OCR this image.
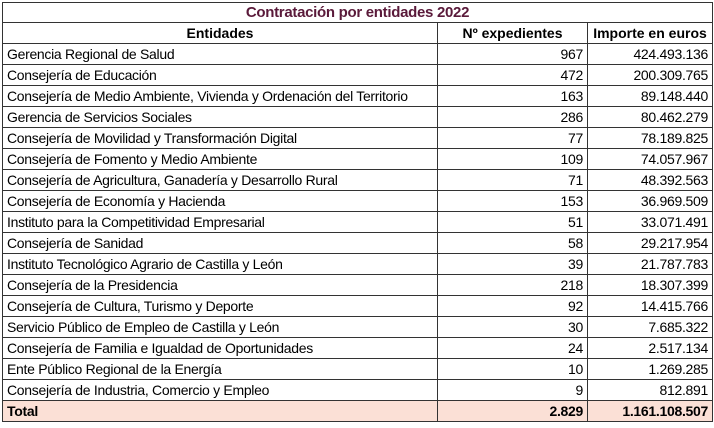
Contratación por entidades 2022		
Entidades	Nº expedientes	Importe en euros
Gerencia Regional de Salud	967	424.493.136
Consejería de Educación	472	200.309.765
Consejería de Medio Ambiente, Vivienda y Ordenación del Territorio	163	89.148.440
Gerencia de Servicios Sociales	286	80.462.279
Consejería de Movilidad y Transformación Digital	77	78.189.825
Consejería de Fomento y Medio Ambiente	109	74.057.967
Consejería de Agricultura, Ganadería y Desarrollo Rural	71	48.392.563
Consejería de Economía y Hacienda	153	36.969.509
Instituto para la Competitividad Empresarial	51	33.071.491
Consejería de Sanidad	58	29.217.954
Instituto Tecnológico Agrario de Castilla y León	39	21.787.783
Consejería de la Presidencia	218	18.307.399
Consejería de Cultura, Turismo y Deporte	92	14.415.766
Servicio Público de Empleo de Castilla y León	30	7.685.322
Consejería de Familia e Igualdad de Oportunidades	24	2.517.134
Ente Público Regional de la Energía	10	1.269.285
Consejería de Industria, Comercio y Empleo	9	812.891
Total	2.829	1.161.108.507
